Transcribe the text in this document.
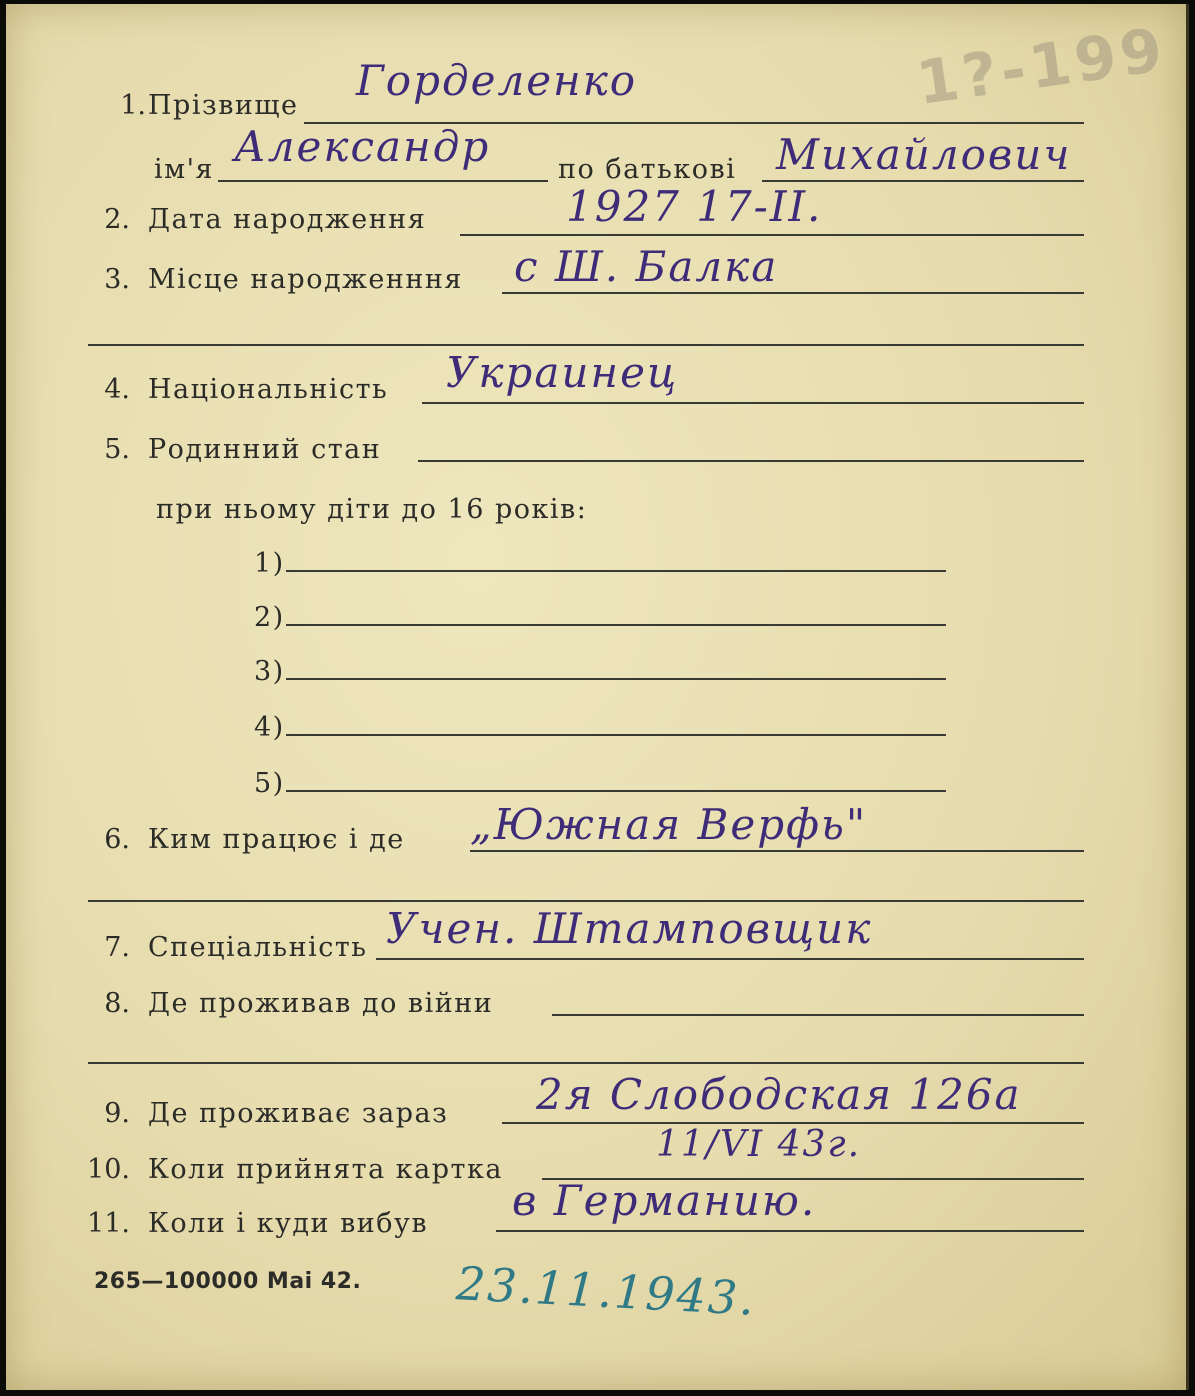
1?-199
1. Прізвище
Горделенко
ім'я Александр	по батькові Михайлович
2. Дата народження	1927 17-II.
3. Місце народженння с Ш. Балка
4. Національність Украинец
5. Родинний стан
при ньому діти до 16 років:
1)
2)
3)
4)
5)
6. Ким працює і де „Южная Верфь"
7. Спеціальність Учен. Штамповщик
8. Де проживав до війни
9. Де проживає зараз 2я Слободская 126а
10. Коли прийнята картка
11/VI 43г.
11. Коли і куди вибув в Германию.
265—100000 Mai 42. 23.11.1943.
